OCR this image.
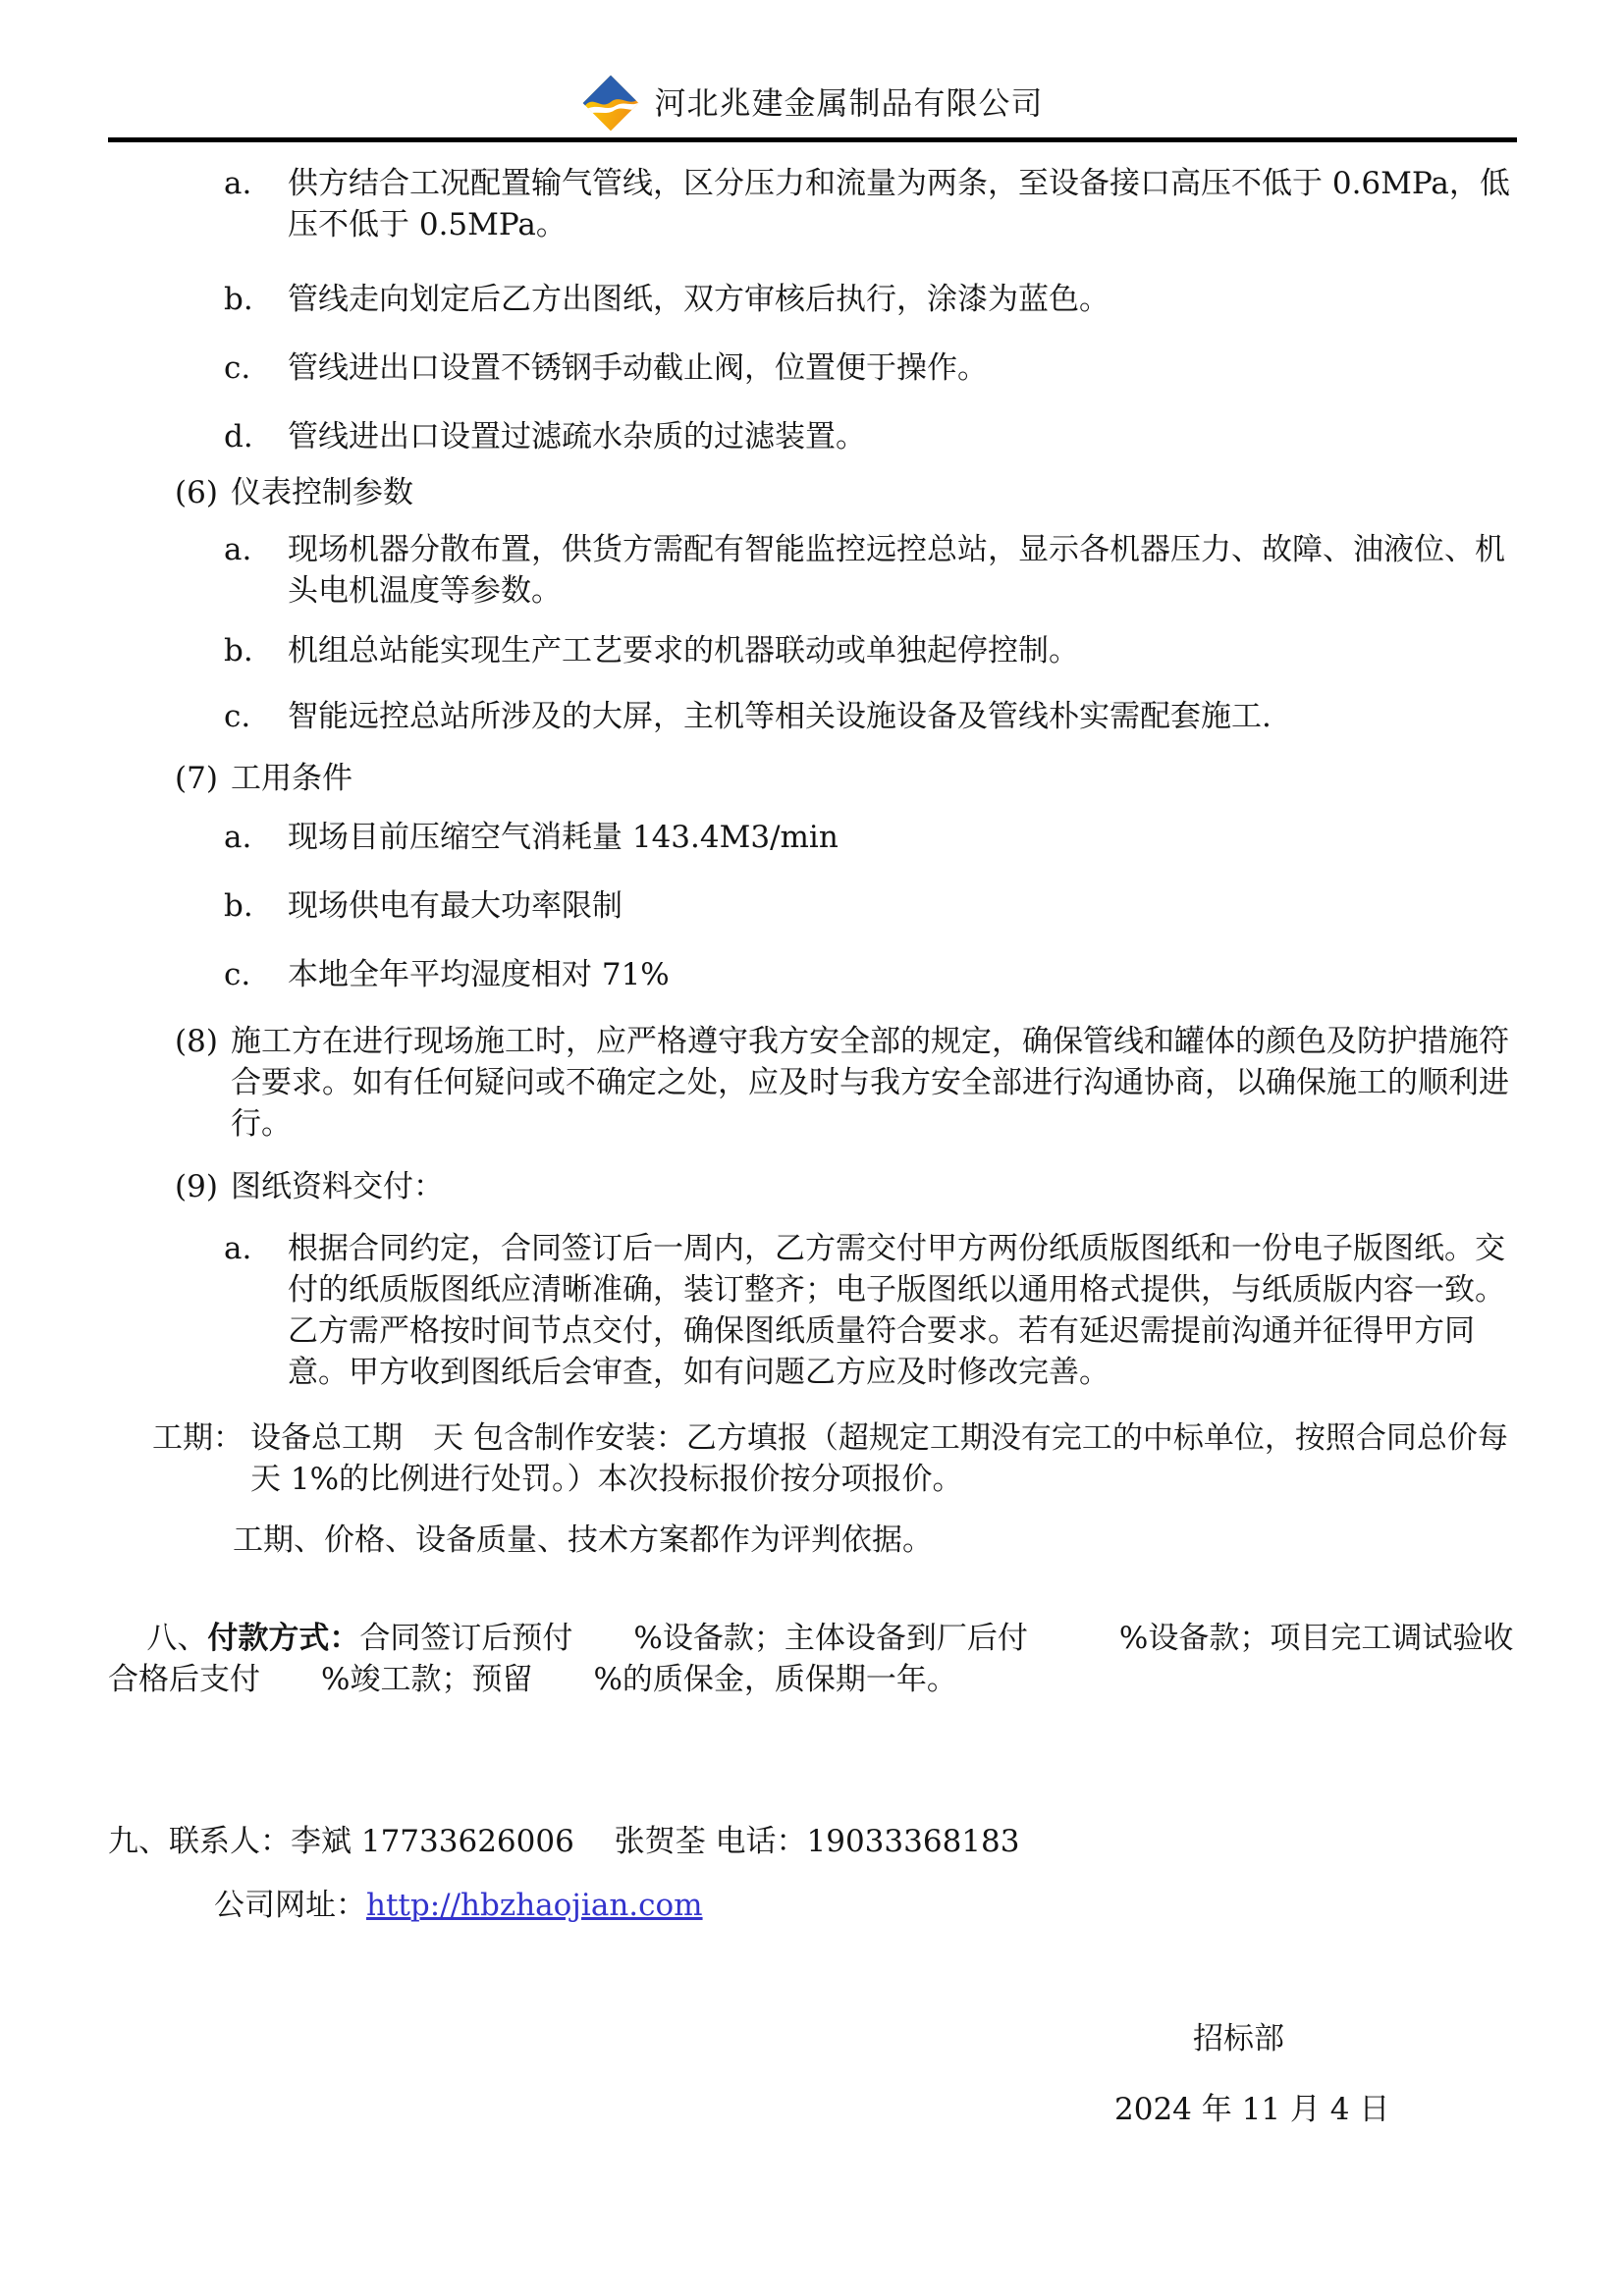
河北兆建金属制品有限公司
a.	供方结合工况配置输气管线，区分压力和流量为两条，至设备接口高压不低于 0.6MPa，低压不低于 0.5MPa。
b.	管线走向划定后乙方出图纸，双方审核后执行，涂漆为蓝色。
c.	管线进出口设置不锈钢手动截止阀，位置便于操作。
d.	管线进出口设置过滤疏水杂质的过滤装置。
(6) 仪表控制参数
a.	现场机器分散布置，供货方需配有智能监控远控总站，显示各机器压力、故障、油液位、机头电机温度等参数。
b.	机组总站能实现生产工艺要求的机器联动或单独起停控制。
c.	智能远控总站所涉及的大屏，主机等相关设施设备及管线朴实需配套施工.
(7) 工用条件
a.	现场目前压缩空气消耗量 143.4M3/min
b.	现场供电有最大功率限制
c.	本地全年平均湿度相对 71%
(8) 施工方在进行现场施工时，应严格遵守我方安全部的规定，确保管线和罐体的颜色及防护措施符合要求。如有任何疑问或不确定之处，应及时与我方安全部进行沟通协商，以确保施工的顺利进行。
(9) 图纸资料交付：
a.	根据合同约定，合同签订后一周内，乙方需交付甲方两份纸质版图纸和一份电子版图纸。交付的纸质版图纸应清晰准确，装订整齐；电子版图纸以通用格式提供，与纸质版内容一致。乙方需严格按时间节点交付，确保图纸质量符合要求。若有延迟需提前沟通并征得甲方同意。甲方收到图纸后会审查，如有问题乙方应及时修改完善。
工期： 设备总工期　天 包含制作安装：乙方填报（超规定工期没有完工的中标单位，按照合同总价每天 1%的比例进行处罚。）本次投标报价按分项报价。
工期、价格、设备质量、技术方案都作为评判依据。

八、付款方式：合同签订后预付　　%设备款；主体设备到厂后付　　　%设备款；项目完工调试验收合格后支付　　%竣工款；预留　　%的质保金，质保期一年。

九、联系人：李斌 17733626006　 张贺荃 电话：19033368183
公司网址：http://hbzhaojian.com
招标部
2024 年 11 月 4 日
